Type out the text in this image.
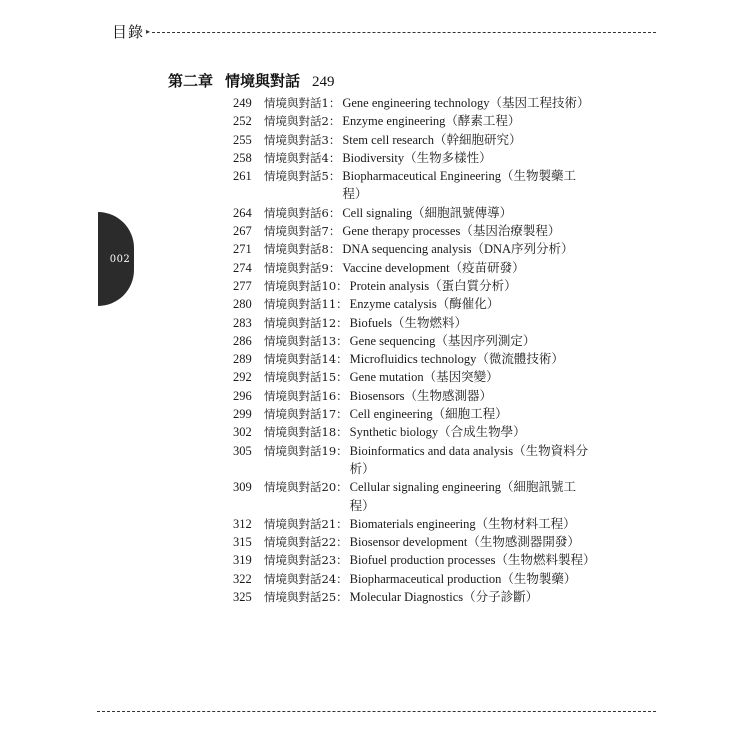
目錄 ▸
002
第二章 情境與對話 249
249	情境與對話1 ： Gene engineering technology（基因工程技術）
252	情境與對話2 ： Enzyme engineering（酵素工程）
255	情境與對話3 ： Stem cell research（幹細胞研究）
258	情境與對話4 ： Biodiversity（生物多樣性）
261	情境與對話5 ： Biopharmaceutical Engineering（生物製藥工程）
264	情境與對話6 ： Cell signaling（細胞訊號傳導）
267	情境與對話7 ： Gene therapy processes（基因治療製程）
271	情境與對話8 ： DNA sequencing analysis（DNA序列分析）
274	情境與對話9 ： Vaccine development（疫苗研發）
277	情境與對話10 ： Protein analysis（蛋白質分析）
280	情境與對話11 ： Enzyme catalysis（酶催化）
283	情境與對話12 ： Biofuels（生物燃料）
286	情境與對話13 ： Gene sequencing（基因序列測定）
289	情境與對話14 ： Microfluidics technology（微流體技術）
292	情境與對話15 ： Gene mutation（基因突變）
296	情境與對話16 ： Biosensors（生物感測器）
299	情境與對話17 ： Cell engineering（細胞工程）
302	情境與對話18 ： Synthetic biology（合成生物學）
305	情境與對話19 ： Bioinformatics and data analysis（生物資料分析）
309	情境與對話20 ： Cellular signaling engineering（細胞訊號工程）
312	情境與對話21 ： Biomaterials engineering（生物材料工程）
315	情境與對話22 ： Biosensor development（生物感測器開發）
319	情境與對話23 ： Biofuel production processes（生物燃料製程）
322	情境與對話24 ： Biopharmaceutical production（生物製藥）
325	情境與對話25 ： Molecular Diagnostics（分子診斷）
